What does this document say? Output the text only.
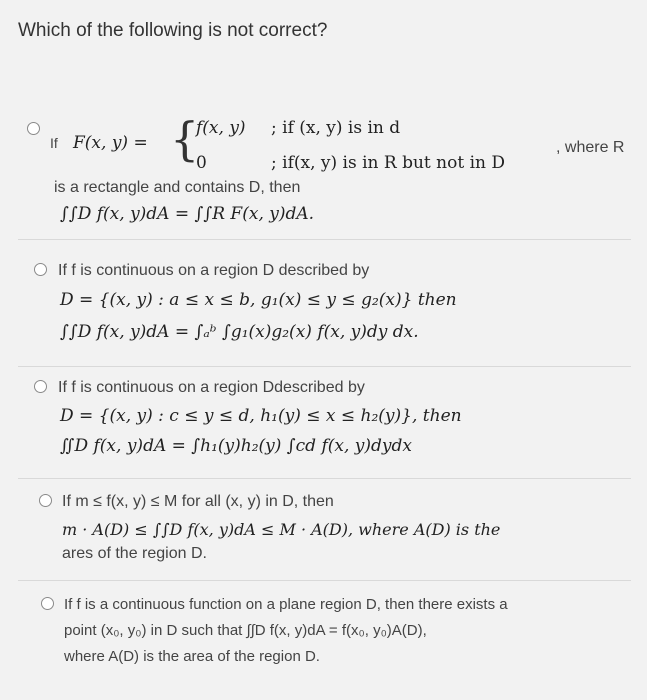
Which of the following is not correct?
If F(x, y) = {
f(x, y) ; if (x, y) is in d
0	; if(x, y) is in R but not in D
, where R
is a rectangle and contains D, then
∫∫D f(x, y)dA = ∫∫R F(x, y)dA.
If f is continuous on a region D described by
D = {(x, y) : a ≤ x ≤ b, g₁(x) ≤ y ≤ g₂(x)} then
∫∫D f(x, y)dA = ∫ₐᵇ ∫g₁(x)g₂(x) f(x, y)dy dx.
If f is continuous on a region Ddescribed by
D = {(x, y) : c ≤ y ≤ d, h₁(y) ≤ x ≤ h₂(y)}, then
∬D f(x, y)dA = ∫h₁(y)h₂(y) ∫cd f(x, y)dydx
If m ≤ f(x, y) ≤ M for all (x, y) in D, then
m · A(D) ≤ ∫∫D f(x, y)dA ≤ M · A(D), where A(D) is the
ares of the region D.
If f is a continuous function on a plane region D, then there exists a
point (x₀, y₀) in D such that ∫∫D f(x, y)dA = f(x₀, y₀)A(D),
where A(D) is the area of the region D.
